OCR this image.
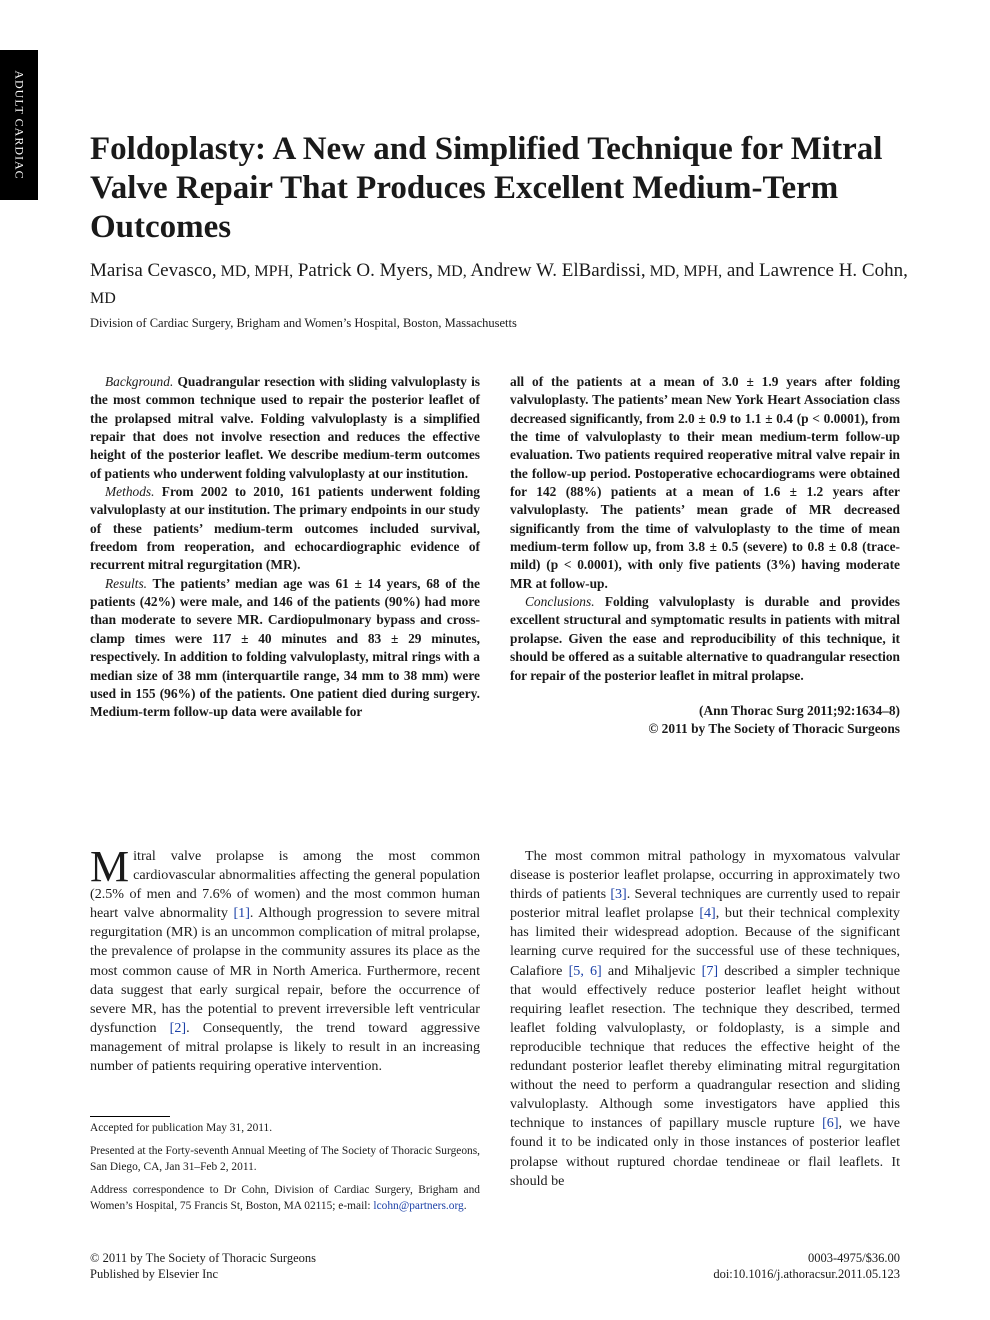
ADULT CARDIAC Foldoplasty: A New and Simplified Technique for Mitral Valve Repair That Produces Excellent Medium-Term Outcomes

Marisa Cevasco, MD, MPH, Patrick O. Myers, MD, Andrew W. ElBardissi, MD, MPH, and Lawrence H. Cohn, MD

Division of Cardiac Surgery, Brigham and Women’s Hospital, Boston, Massachusetts

Background. Quadrangular resection with sliding valvuloplasty is the most common technique used to repair the posterior leaflet of the prolapsed mitral valve. Folding valvuloplasty is a simplified repair that does not involve resection and reduces the effective height of the posterior leaflet. We describe medium-term outcomes of patients who underwent folding valvuloplasty at our institution.

Methods. From 2002 to 2010, 161 patients underwent folding valvuloplasty at our institution. The primary endpoints in our study of these patients’ medium-term outcomes included survival, freedom from reoperation, and echocardiographic evidence of recurrent mitral regurgitation (MR).

Results. The patients’ median age was 61 ± 14 years, 68 of the patients (42%) were male, and 146 of the patients (90%) had more than moderate to severe MR. Cardiopulmonary bypass and cross-clamp times were 117 ± 40 minutes and 83 ± 29 minutes, respectively. In addition to folding valvuloplasty, mitral rings with a median size of 38 mm (interquartile range, 34 mm to 38 mm) were used in 155 (96%) of the patients. One patient died during surgery. Medium-term follow-up data were available for

all of the patients at a mean of 3.0 ± 1.9 years after folding valvuloplasty. The patients’ mean New York Heart Association class decreased significantly, from 2.0 ± 0.9 to 1.1 ± 0.4 (p < 0.0001), from the time of valvuloplasty to their mean medium-term follow-up evaluation. Two patients required reoperative mitral valve repair in the follow-up period. Postoperative echocardiograms were obtained for 142 (88%) patients at a mean of 1.6 ± 1.2 years after valvuloplasty. The patients’ mean grade of MR decreased significantly from the time of valvuloplasty to the time of mean medium-term follow up, from 3.8 ± 0.5 (severe) to 0.8 ± 0.8 (trace-mild) (p < 0.0001), with only five patients (3%) having moderate MR at follow-up.

Conclusions. Folding valvuloplasty is durable and provides excellent structural and symptomatic results in patients with mitral prolapse. Given the ease and reproducibility of this technique, it should be offered as a suitable alternative to quadrangular resection for repair of the posterior leaflet in mitral prolapse.

(Ann Thorac Surg 2011;92:1634–8)
© 2011 by The Society of Thoracic Surgeons

Mitral valve prolapse is among the most common cardiovascular abnormalities affecting the general population (2.5% of men and 7.6% of women) and the most common human heart valve abnormality [1]. Although progression to severe mitral regurgitation (MR) is an uncommon complication of mitral prolapse, the prevalence of prolapse in the community assures its place as the most common cause of MR in North America. Furthermore, recent data suggest that early surgical repair, before the occurrence of severe MR, has the potential to prevent irreversible left ventricular dysfunction [2]. Consequently, the trend toward aggressive management of mitral prolapse is likely to result in an increasing number of patients requiring operative intervention.

The most common mitral pathology in myxomatous valvular disease is posterior leaflet prolapse, occurring in approximately two thirds of patients [3]. Several techniques are currently used to repair posterior mitral leaflet prolapse [4], but their technical complexity has limited their widespread adoption. Because of the significant learning curve required for the successful use of these techniques, Calafiore [5, 6] and Mihaljevic [7] described a simpler technique that would effectively reduce posterior leaflet height without requiring leaflet resection. The technique they described, termed leaflet folding valvuloplasty, or foldoplasty, is a simple and reproducible technique that reduces the effective height of the redundant posterior leaflet thereby eliminating mitral regurgitation without the need to perform a quadrangular resection and sliding valvuloplasty. Although some investigators have applied this technique to instances of papillary muscle rupture [6], we have found it to be indicated only in those instances of posterior leaflet prolapse without ruptured chordae tendineae or flail leaflets. It should be

Accepted for publication May 31, 2011.

Presented at the Forty-seventh Annual Meeting of The Society of Thoracic Surgeons, San Diego, CA, Jan 31–Feb 2, 2011.

Address correspondence to Dr Cohn, Division of Cardiac Surgery, Brigham and Women’s Hospital, 75 Francis St, Boston, MA 02115; e-mail: lcohn@partners.org.

© 2011 by The Society of Thoracic Surgeons
Published by Elsevier Inc
0003-4975/$36.00
doi:10.1016/j.athoracsur.2011.05.123
